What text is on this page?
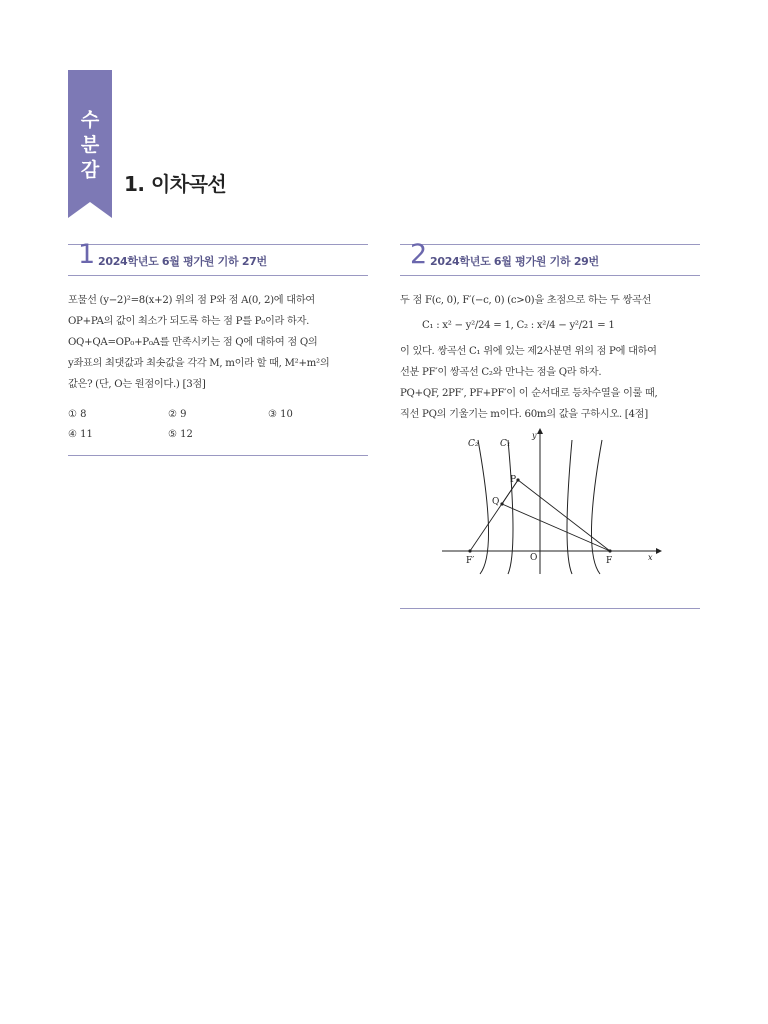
수
분
감
1. 이차곡선
1 2024학년도 6월 평가원 기하 27번

포물선 (y−2)²=8(x+2) 위의 점 P와 점 A(0, 2)에 대하여

OP+PA의 값이 최소가 되도록 하는 점 P를 P₀이라 하자.

OQ+QA=OP₀+P₀A를 만족시키는 점 Q에 대하여 점 Q의

y좌표의 최댓값과 최솟값을 각각 M, m이라 할 때, M²+m²의

값은? (단, O는 원점이다.) [3점]

① 8	② 9	③ 10
④ 11	⑤ 12
2 2024학년도 6월 평가원 기하 29번

두 점 F(c, 0), F′(−c, 0) (c>0)을 초점으로 하는 두 쌍곡선

C₁ : x² − y²/24 = 1, C₂ : x²/4 − y²/21 = 1

이 있다. 쌍곡선 C₁ 위에 있는 제2사분면 위의 점 P에 대하여

선분 PF′이 쌍곡선 C₂와 만나는 점을 Q라 하자.

PQ+QF, 2PF′, PF+PF′이 이 순서대로 등차수열을 이룰 때,

직선 PQ의 기울기는 m이다. 60m의 값을 구하시오. [4점]

C₂ C₁
y
x
P
Q
O	F
F′
